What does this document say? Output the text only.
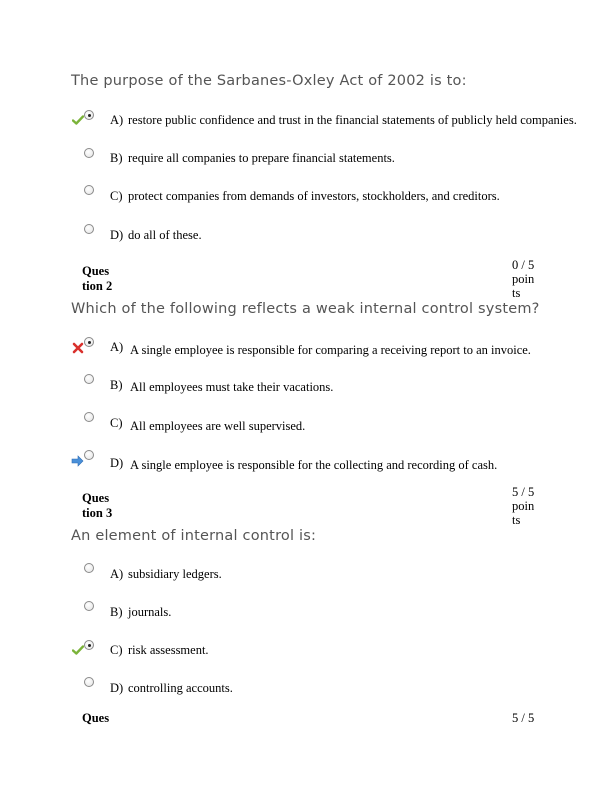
The purpose of the Sarbanes-Oxley Act of 2002 is to:
A) restore public confidence and trust in the financial statements of publicly held companies.
B) require all companies to prepare financial statements.
C) protect companies from demands of investors, stockholders, and creditors.
D) do all of these.
Ques
tion 2
0 / 5
poin
ts
Which of the following reflects a weak internal control system?
A) A single employee is responsible for comparing a receiving report to an invoice.
B) All employees must take their vacations.
C) All employees are well supervised.
D) A single employee is responsible for the collecting and recording of cash.
Ques
tion 3
5 / 5
poin
ts
An element of internal control is:
A) subsidiary ledgers.
B) journals.
C) risk assessment.
D) controlling accounts.
Ques	5 / 5
